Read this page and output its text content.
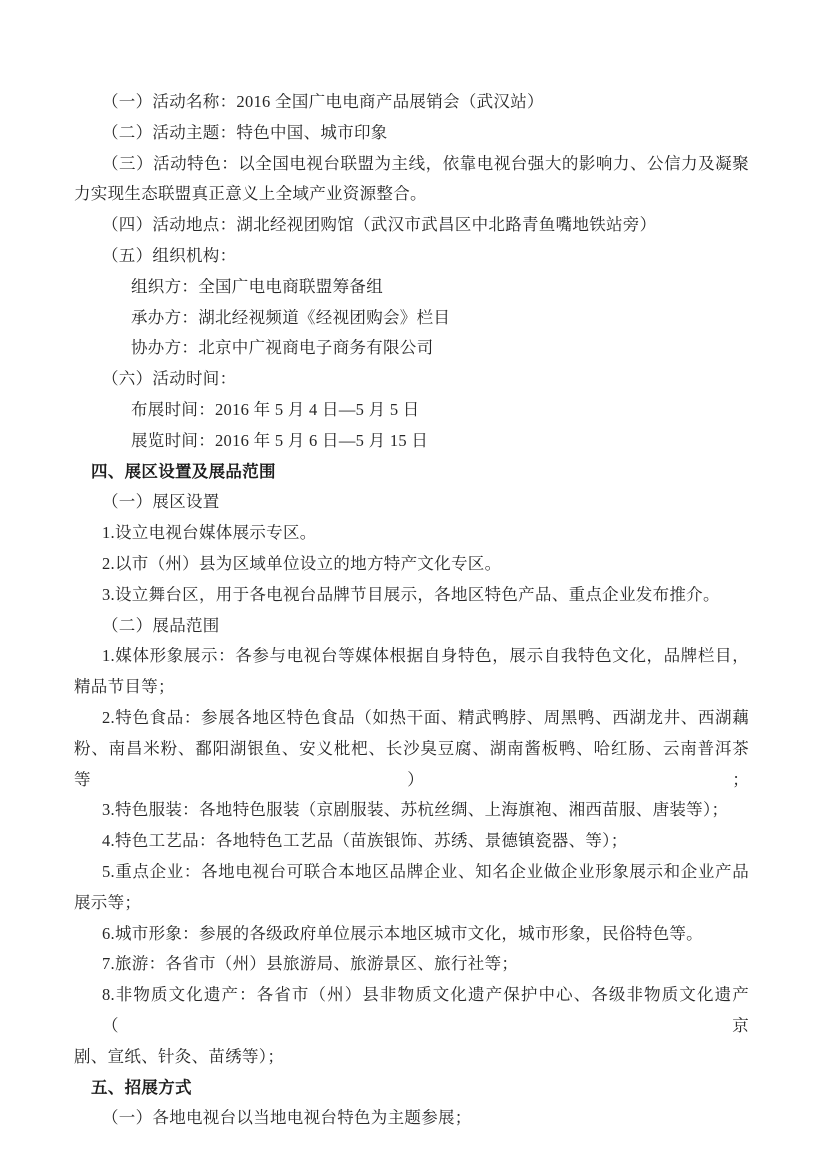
（一）活动名称：2016 全国广电电商产品展销会（武汉站）
（二）活动主题：特色中国、城市印象
（三）活动特色：以全国电视台联盟为主线，依靠电视台强大的影响力、公信力及凝聚
力实现生态联盟真正意义上全域产业资源整合。
（四）活动地点：湖北经视团购馆（武汉市武昌区中北路青鱼嘴地铁站旁）
（五）组织机构：
组织方：全国广电电商联盟筹备组
承办方：湖北经视频道《经视团购会》栏目
协办方：北京中广视商电子商务有限公司
（六）活动时间：
布展时间：2016 年 5 月 4 日—5 月 5 日
展览时间：2016 年 5 月 6 日—5 月 15 日
四、展区设置及展品范围
（一）展区设置
1.设立电视台媒体展示专区。
2.以市（州）县为区域单位设立的地方特产文化专区。
3.设立舞台区，用于各电视台品牌节目展示，各地区特色产品、重点企业发布推介。
（二）展品范围
1.媒体形象展示：各参与电视台等媒体根据自身特色，展示自我特色文化，品牌栏目，
精品节目等；
2.特色食品：参展各地区特色食品（如热干面、精武鸭脖、周黑鸭、西湖龙井、西湖藕
粉、南昌米粉、鄱阳湖银鱼、安义枇杷、长沙臭豆腐、湖南酱板鸭、哈红肠、云南普洱茶等）；
3.特色服装：各地特色服装（京剧服装、苏杭丝绸、上海旗袍、湘西苗服、唐装等）；
4.特色工艺品：各地特色工艺品（苗族银饰、苏绣、景德镇瓷器、等）；
5.重点企业：各地电视台可联合本地区品牌企业、知名企业做企业形象展示和企业产品
展示等；
6.城市形象：参展的各级政府单位展示本地区城市文化，城市形象，民俗特色等。
7.旅游：各省市（州）县旅游局、旅游景区、旅行社等；
8.非物质文化遗产：各省市（州）县非物质文化遗产保护中心、各级非物质文化遗产（京
剧、宣纸、针灸、苗绣等）；
五、招展方式
（一）各地电视台以当地电视台特色为主题参展；
